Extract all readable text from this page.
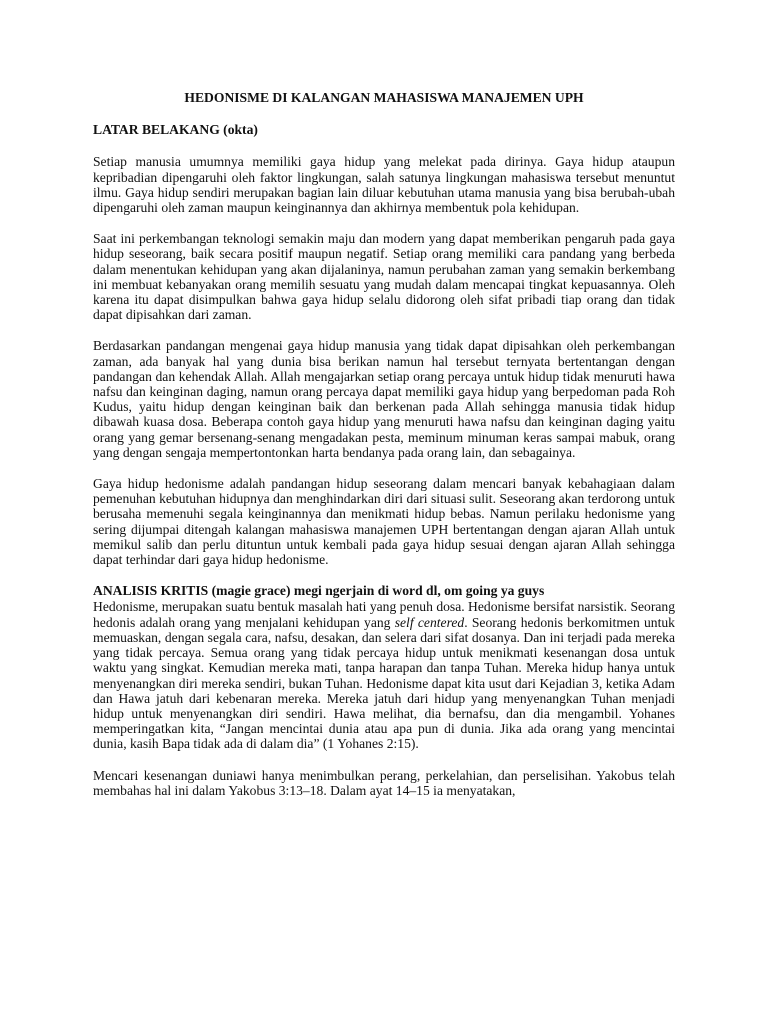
HEDONISME DI KALANGAN MAHASISWA MANAJEMEN UPH
LATAR BELAKANG (okta)

Setiap manusia umumnya memiliki gaya hidup yang melekat pada dirinya. Gaya hidup ataupun kepribadian dipengaruhi oleh faktor lingkungan, salah satunya lingkungan mahasiswa tersebut menuntut ilmu. Gaya hidup sendiri merupakan bagian lain diluar kebutuhan utama manusia yang bisa berubah-ubah dipengaruhi oleh zaman maupun keinginannya dan akhirnya membentuk pola kehidupan.

Saat ini perkembangan teknologi semakin maju dan modern yang dapat memberikan pengaruh pada gaya hidup seseorang, baik secara positif maupun negatif. Setiap orang memiliki cara pandang yang berbeda dalam menentukan kehidupan yang akan dijalaninya, namun perubahan zaman yang semakin berkembang ini membuat kebanyakan orang memilih sesuatu yang mudah dalam mencapai tingkat kepuasannya. Oleh karena itu dapat disimpulkan bahwa gaya hidup selalu didorong oleh sifat pribadi tiap orang dan tidak dapat dipisahkan dari zaman.

Berdasarkan pandangan mengenai gaya hidup manusia yang tidak dapat dipisahkan oleh perkembangan zaman, ada banyak hal yang dunia bisa berikan namun hal tersebut ternyata bertentangan dengan pandangan dan kehendak Allah. Allah mengajarkan setiap orang percaya untuk hidup tidak menuruti hawa nafsu dan keinginan daging, namun orang percaya dapat memiliki gaya hidup yang berpedoman pada Roh Kudus, yaitu hidup dengan keinginan baik dan berkenan pada Allah sehingga manusia tidak hidup dibawah kuasa dosa. Beberapa contoh gaya hidup yang menuruti hawa nafsu dan keinginan daging yaitu orang yang gemar bersenang-senang mengadakan pesta, meminum minuman keras sampai mabuk, orang yang dengan sengaja mempertontonkan harta bendanya pada orang lain, dan sebagainya.

Gaya hidup hedonisme adalah pandangan hidup seseorang dalam mencari banyak kebahagiaan dalam pemenuhan kebutuhan hidupnya dan menghindarkan diri dari situasi sulit. Seseorang akan terdorong untuk berusaha memenuhi segala keinginannya dan menikmati hidup bebas. Namun perilaku hedonisme yang sering dijumpai ditengah kalangan mahasiswa manajemen UPH bertentangan dengan ajaran Allah untuk memikul salib dan perlu dituntun untuk kembali pada gaya hidup sesuai dengan ajaran Allah sehingga dapat terhindar dari gaya hidup hedonisme.

ANALISIS KRITIS (magie grace) megi ngerjain di word dl, om going ya guys

Hedonisme, merupakan suatu bentuk masalah hati yang penuh dosa. Hedonisme bersifat narsistik. Seorang hedonis adalah orang yang menjalani kehidupan yang self centered. Seorang hedonis berkomitmen untuk memuaskan, dengan segala cara, nafsu, desakan, dan selera dari sifat dosanya. Dan ini terjadi pada mereka yang tidak percaya. Semua orang yang tidak percaya hidup untuk menikmati kesenangan dosa untuk waktu yang singkat. Kemudian mereka mati, tanpa harapan dan tanpa Tuhan. Mereka hidup hanya untuk menyenangkan diri mereka sendiri, bukan Tuhan. Hedonisme dapat kita usut dari Kejadian 3, ketika Adam dan Hawa jatuh dari kebenaran mereka. Mereka jatuh dari hidup yang menyenangkan Tuhan menjadi hidup untuk menyenangkan diri sendiri. Hawa melihat, dia bernafsu, dan dia mengambil. Yohanes memperingatkan kita, “Jangan mencintai dunia atau apa pun di dunia. Jika ada orang yang mencintai dunia, kasih Bapa tidak ada di dalam dia” (1 Yohanes 2:15).

Mencari kesenangan duniawi hanya menimbulkan perang, perkelahian, dan perselisihan. Yakobus telah membahas hal ini dalam Yakobus 3:13–18. Dalam ayat 14–15 ia menyatakan,
